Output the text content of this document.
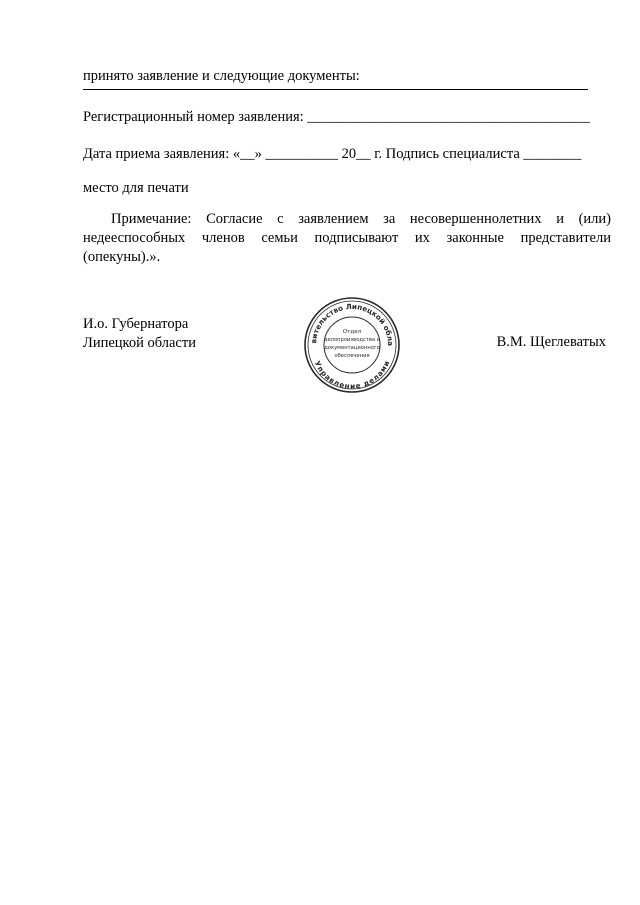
принято заявление и следующие документы:
Регистрационный номер заявления: _______________________________________
Дата приема заявления: «__» __________ 20__ г. Подпись специалиста ________
место для печати
Примечание: Согласие с заявлением за несовершеннолетних и (или) недееспособных членов семьи подписывают их законные представители (опекуны).».
И.о. Губернатора
Липецкой области	В.М. Щеглеватых
вительство Липецкой обла
Управление делами
Отдел
делопроизводства и
документационного
обеспечения
